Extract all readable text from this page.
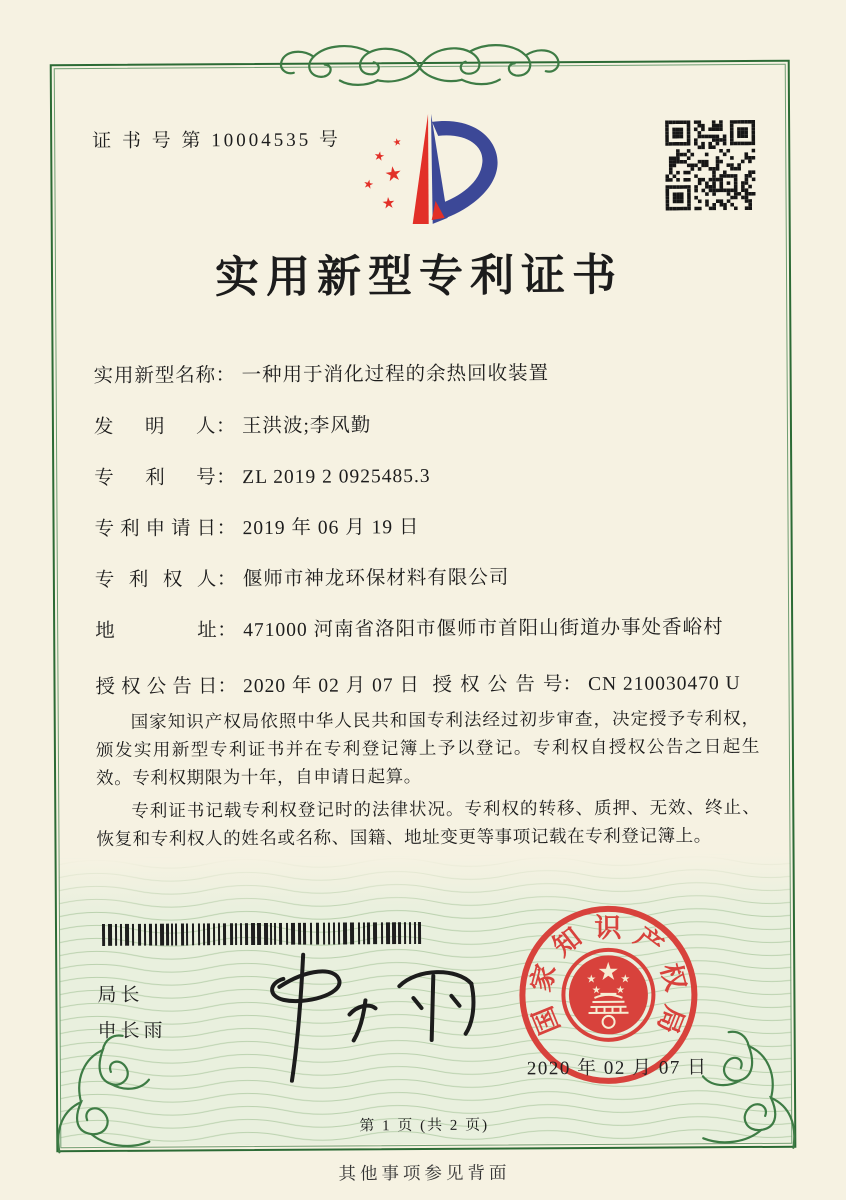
证 书 号 第 10004535 号
实用新型专利证书
实用新型名称： 一种用于消化过程的余热回收装置
发 明 人： 王洪波;李风勤
专 利 号： ZL 2019 2 0925485.3
专利申请日： 2019 年 06 月 19 日
专 利 权 人： 偃师市神龙环保材料有限公司
地 址： 471000 河南省洛阳市偃师市首阳山街道办事处香峪村
授权公告日： 2020 年 02 月 07 日 授权公告号： CN 210030470 U

国家知识产权局依照中华人民共和国专利法经过初步审查，决定授予专利权，颁发实用新型专利证书并在专利登记簿上予以登记。专利权自授权公告之日起生效。专利权期限为十年，自申请日起算。

专利证书记载专利权登记时的法律状况。专利权的转移、质押、无效、终止、恢复和专利权人的姓名或名称、国籍、地址变更等事项记载在专利登记簿上。

局长
申长雨	国
家
知 识 产
权
局
2020 年 02 月 07 日
第 1 页 (共 2 页)
其他事项参见背面
